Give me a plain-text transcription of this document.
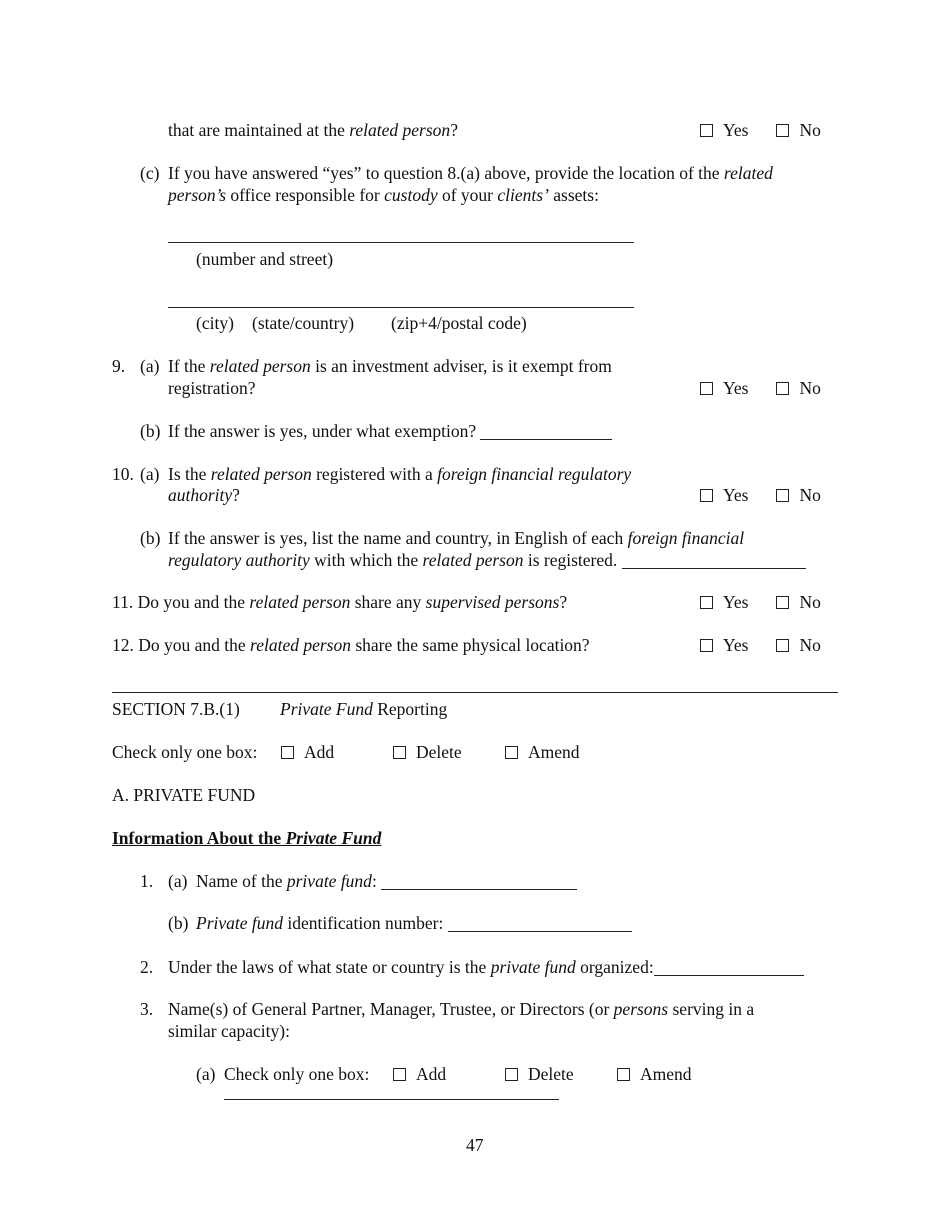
that are maintained at the related person?	Yes	No
(c) If you have answered “yes” to question 8.(a) above, provide the location of the related
person’s office responsible for custody of your clients’ assets:
(number and street)
(city) (state/country) (zip+4/postal code)
9. (a) If the related person is an investment adviser, is it exempt from
registration?	Yes	No
(b) If the answer is yes, under what exemption?
10. (a) Is the related person registered with a foreign financial regulatory
authority?	Yes	No
(b) If the answer is yes, list the name and country, in English of each foreign financial
regulatory authority with which the related person is registered.
11. Do you and the related person share any supervised persons?	Yes	No
12. Do you and the related person share the same physical location?	Yes	No
SECTION 7.B.(1) Private Fund Reporting
Check only one box:	Add	Delete	Amend
A. PRIVATE FUND
Information About the Private Fund
1. (a) Name of the private fund:
(b) Private fund identification number:
2. Under the laws of what state or country is the private fund organized:
3. Name(s) of General Partner, Manager, Trustee, or Directors (or persons serving in a
similar capacity):
(a) Check only one box:	Add	Delete	Amend
47
